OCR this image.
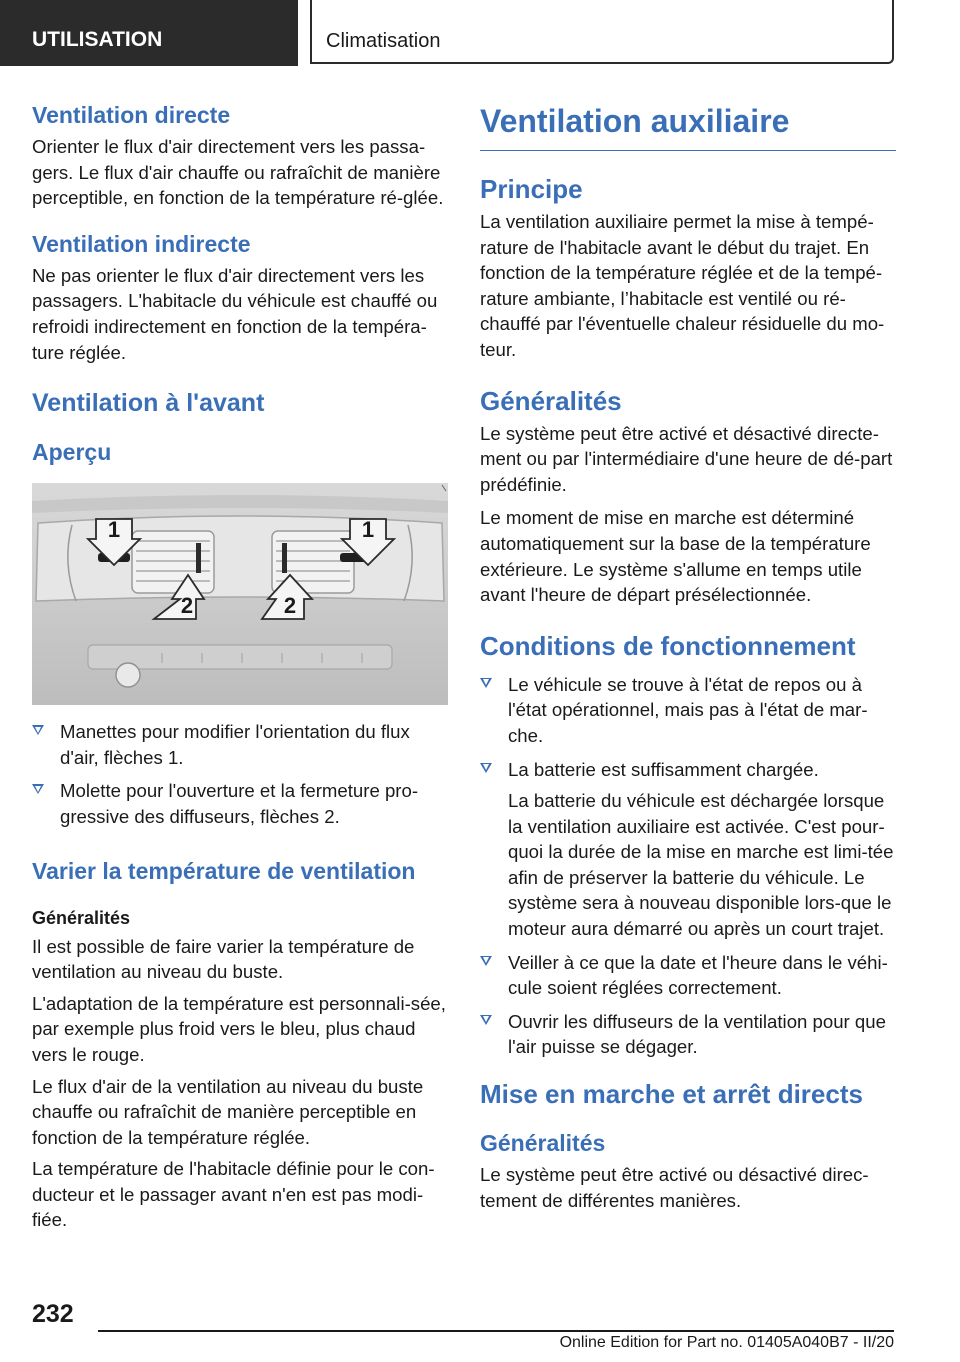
UTILISATION	Climatisation
Ventilation directe

Orienter le flux d'air directement vers les passa-gers. Le flux d'air chauffe ou rafraîchit de manière perceptible, en fonction de la température ré-glée.

Ventilation indirecte

Ne pas orienter le flux d'air directement vers les passagers. L'habitacle du véhicule est chauffé ou refroidi indirectement en fonction de la tempéra-ture réglée.

Ventilation à l'avant
Aperçu
1	1
2	2
Manettes pour modifier l'orientation du flux d'air, flèches 1.
Molette pour l'ouverture et la fermeture pro-gressive des diffuseurs, flèches 2.
Varier la température de ventilation
Généralités

Il est possible de faire varier la température de ventilation au niveau du buste.

L'adaptation de la température est personnali-sée, par exemple plus froid vers le bleu, plus chaud vers le rouge.

Le flux d'air de la ventilation au niveau du buste chauffe ou rafraîchit de manière perceptible en fonction de la température réglée.

La température de l'habitacle définie pour le con-ducteur et le passager avant n'en est pas modi-fiée.

Ventilation auxiliaire
Principe

La ventilation auxiliaire permet la mise à tempé-rature de l'habitacle avant le début du trajet. En fonction de la température réglée et de la tempé-rature ambiante, l’habitacle est ventilé ou ré-chauffé par l'éventuelle chaleur résiduelle du mo-teur.

Généralités

Le système peut être activé et désactivé directe-ment ou par l'intermédiaire d'une heure de dé-part prédéfinie.

Le moment de mise en marche est déterminé automatiquement sur la base de la température extérieure. Le système s'allume en temps utile avant l'heure de départ présélectionnée.

Conditions de fonctionnement
Le véhicule se trouve à l'état de repos ou à l'état opérationnel, mais pas à l'état de mar-che.
La batterie est suffisamment chargée.
La batterie du véhicule est déchargée lorsque la ventilation auxiliaire est activée. C'est pour-quoi la durée de la mise en marche est limi-tée afin de préserver la batterie du véhicule. Le système sera à nouveau disponible lors-que le moteur aura démarré ou après un court trajet.
Veiller à ce que la date et l'heure dans le véhi-cule soient réglées correctement.
Ouvrir les diffuseurs de la ventilation pour que l'air puisse se dégager.
Mise en marche et arrêt directs
Généralités

Le système peut être activé ou désactivé direc-tement de différentes manières.

232
Online Edition for Part no. 01405A040B7 - II/20
